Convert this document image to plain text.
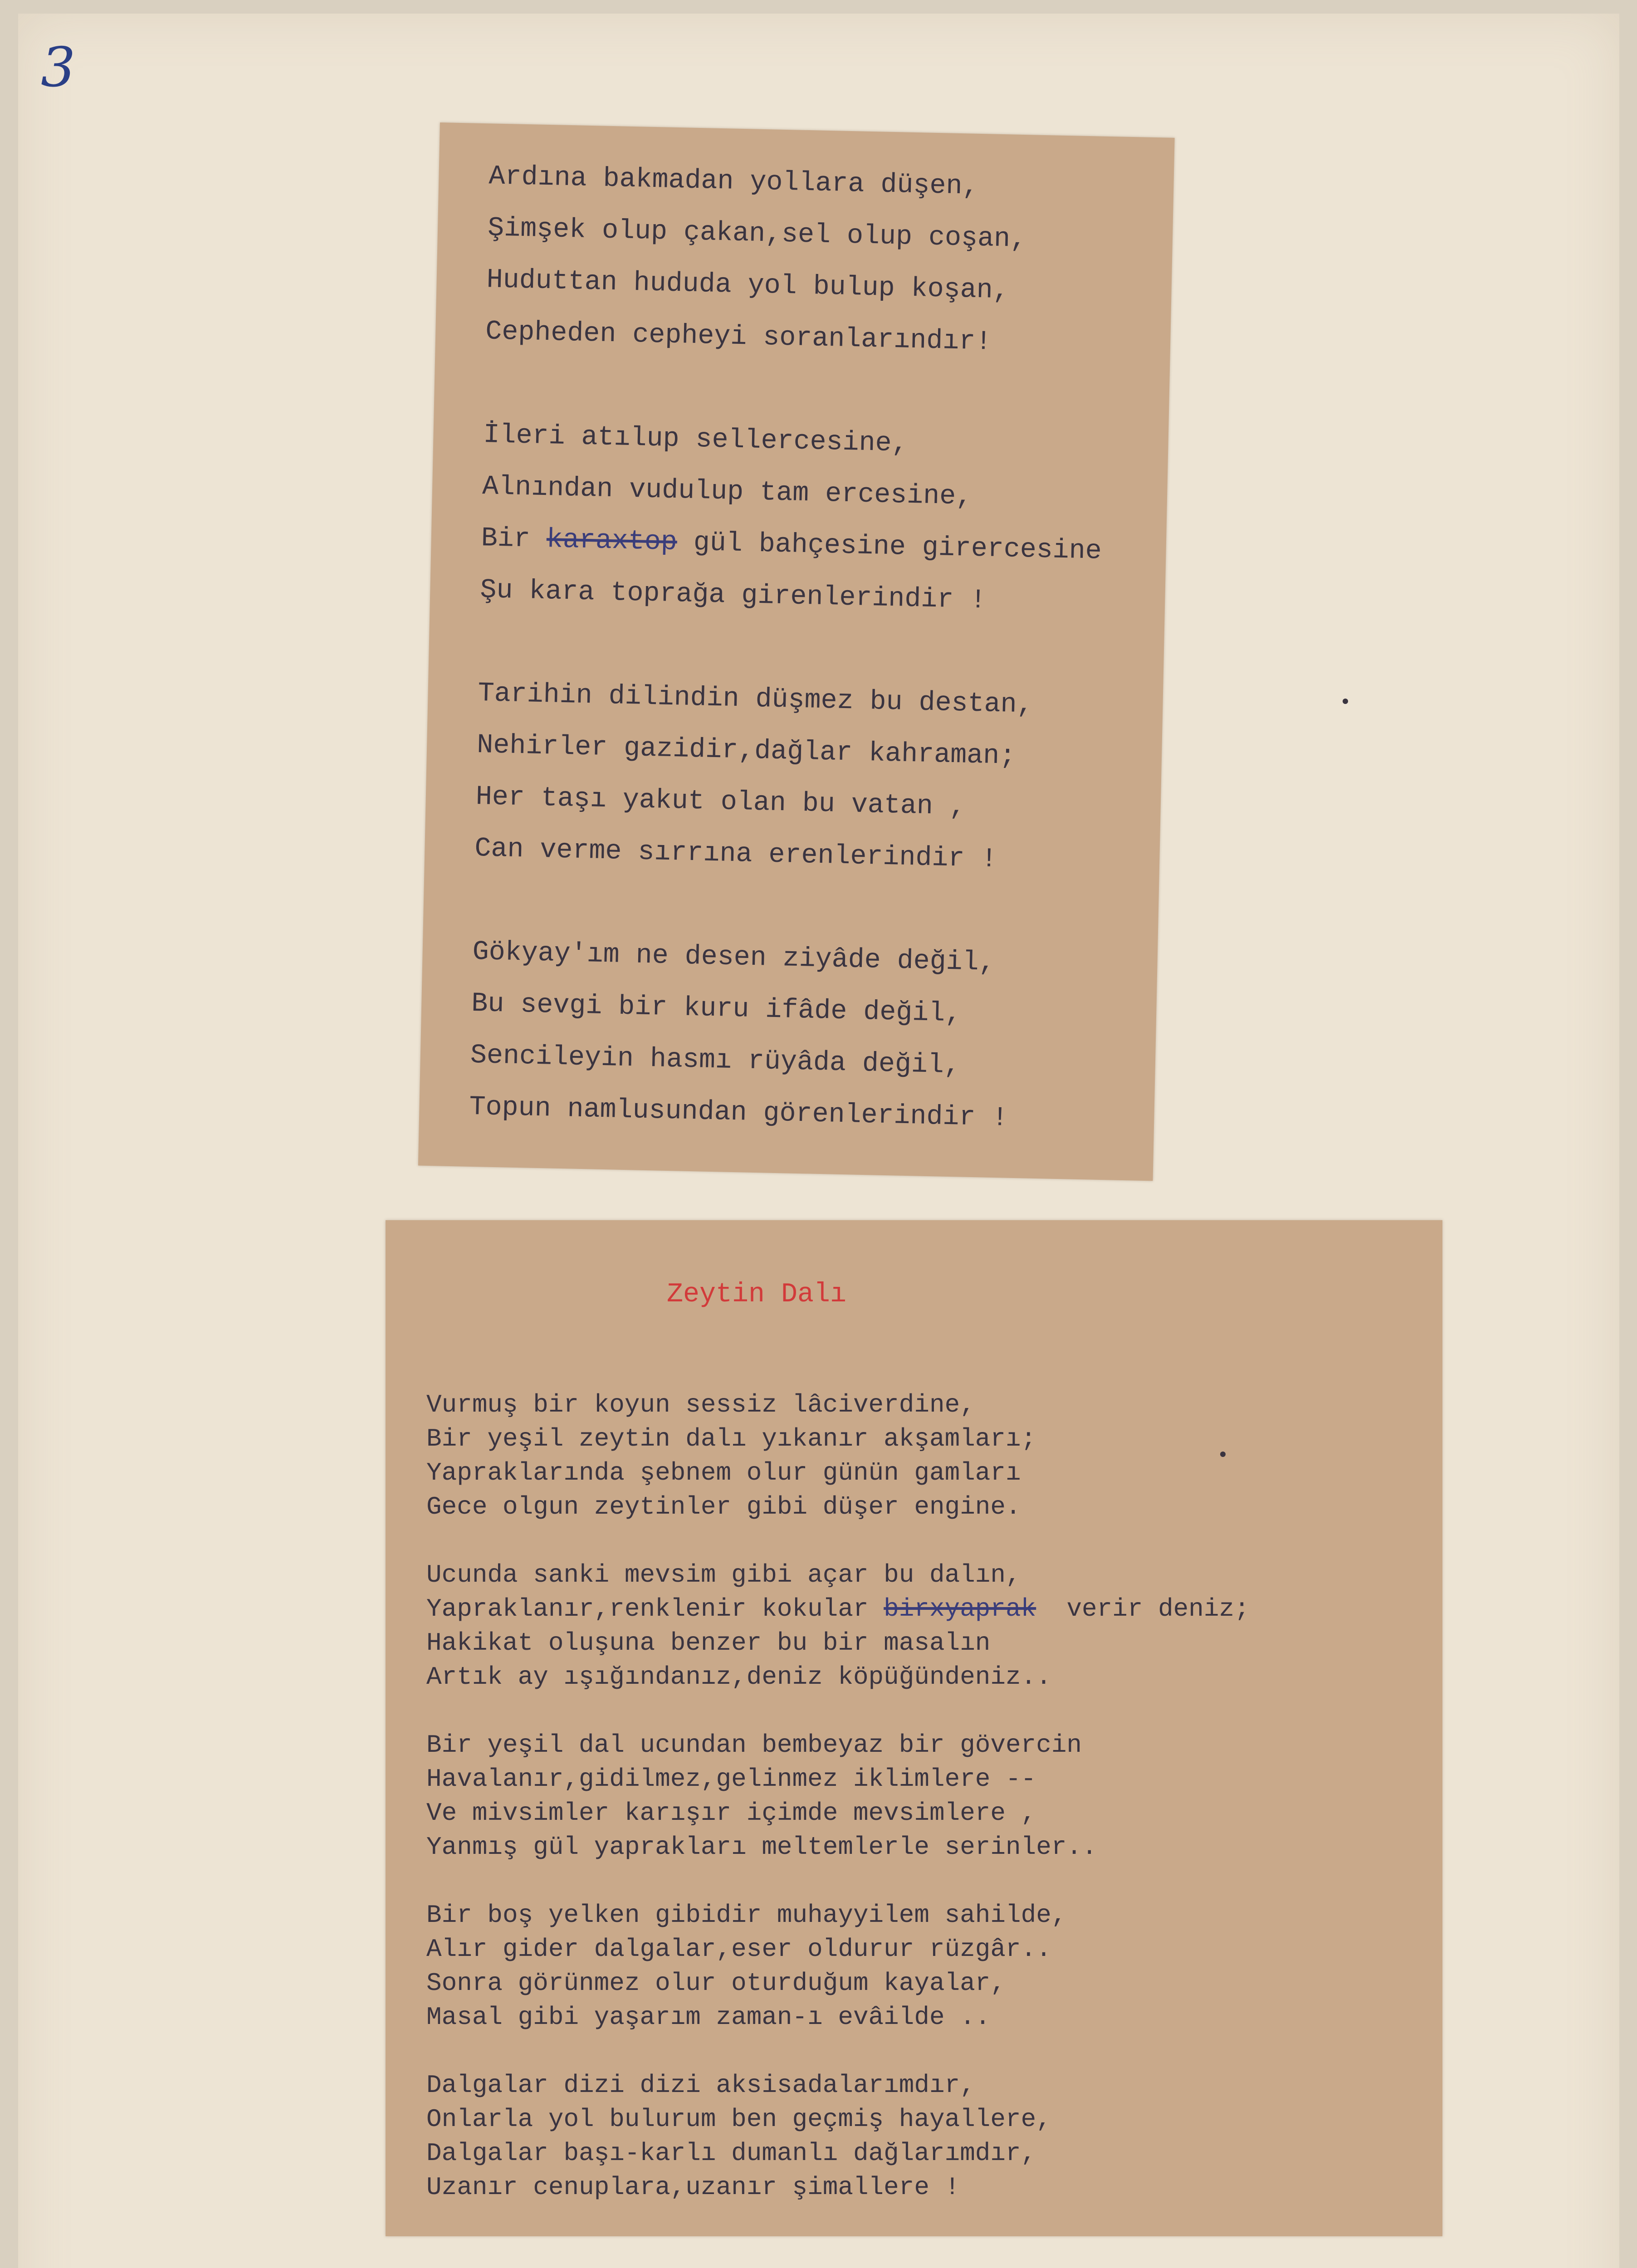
3
Ardına bakmadan yollara düşen,
Şimşek olup çakan,sel olup coşan,
Huduttan hududa yol bulup koşan,
Cepheden cepheyi soranlarındır!
İleri atılup sellercesine,
Alnından vudulup tam ercesine,
Bir karaxtop gül bahçesine girercesine
Şu kara toprağa girenlerindir !
Tarihin dilindin düşmez bu destan,
Nehirler gazidir,dağlar kahraman;
Her taşı yakut olan bu vatan ,
Can verme sırrına erenlerindir !
Gökyay'ım ne desen ziyâde değil,
Bu sevgi bir kuru ifâde değil,
Sencileyin hasmı rüyâda değil,
Topun namlusundan görenlerindir !
Zeytin Dalı
Vurmuş bir koyun sessiz lâciverdine,
Bir yeşil zeytin dalı yıkanır akşamları;
Yapraklarında şebnem olur günün gamları
Gece olgun zeytinler gibi düşer engine.
Ucunda sanki mevsim gibi açar bu dalın,
Yapraklanır,renklenir kokular birxyaprak  verir deniz;
Hakikat oluşuna benzer bu bir masalın
Artık ay ışığındanız,deniz köpüğündeniz..
Bir yeşil dal ucundan bembeyaz bir gövercin
Havalanır,gidilmez,gelinmez iklimlere --
Ve mivsimler karışır içimde mevsimlere ,
Yanmış gül yaprakları meltemlerle serinler..
Bir boş yelken gibidir muhayyilem sahilde,
Alır gider dalgalar,eser oldurur rüzgâr..
Sonra görünmez olur oturduğum kayalar,
Masal gibi yaşarım zaman-ı evâilde ..
Dalgalar dizi dizi aksisadalarımdır,
Onlarla yol bulurum ben geçmiş hayallere,
Dalgalar başı-karlı dumanlı dağlarımdır,
Uzanır cenuplara,uzanır şimallere !
